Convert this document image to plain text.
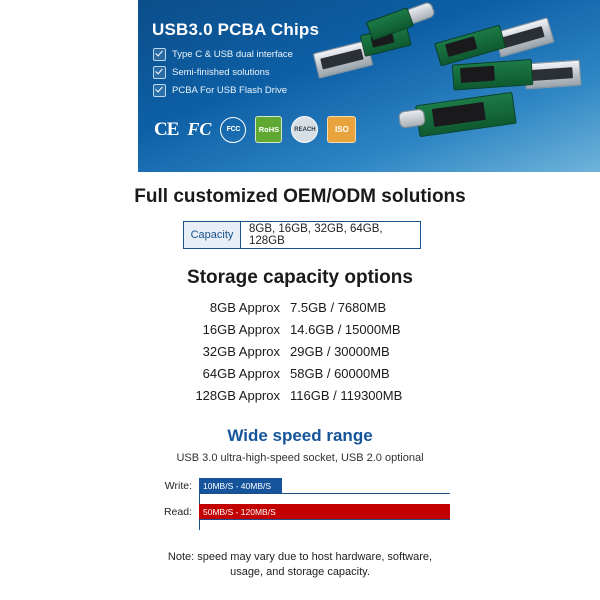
USB3.0 PCBA Chips
Type C & USB dual interface
Semi-finished solutions
PCBA For USB Flash Drive
CE FC	FCC	RoHS	REACH	ISO
Full customized OEM/ODM solutions
Capacity	8GB, 16GB, 32GB, 64GB, 128GB
Storage capacity options
8GB Approx 7.5GB / 7680MB
16GB Approx 14.6GB / 15000MB
32GB Approx 29GB / 30000MB
64GB Approx 58GB / 60000MB
128GB Approx 116GB / 119300MB
Wide speed range
USB 3.0 ultra-high-speed socket, USB 2.0 optional
Write:	10MB/S - 40MB/S
Read:	50MB/S - 120MB/S
Note: speed may vary due to host hardware, software,
usage, and storage capacity.
